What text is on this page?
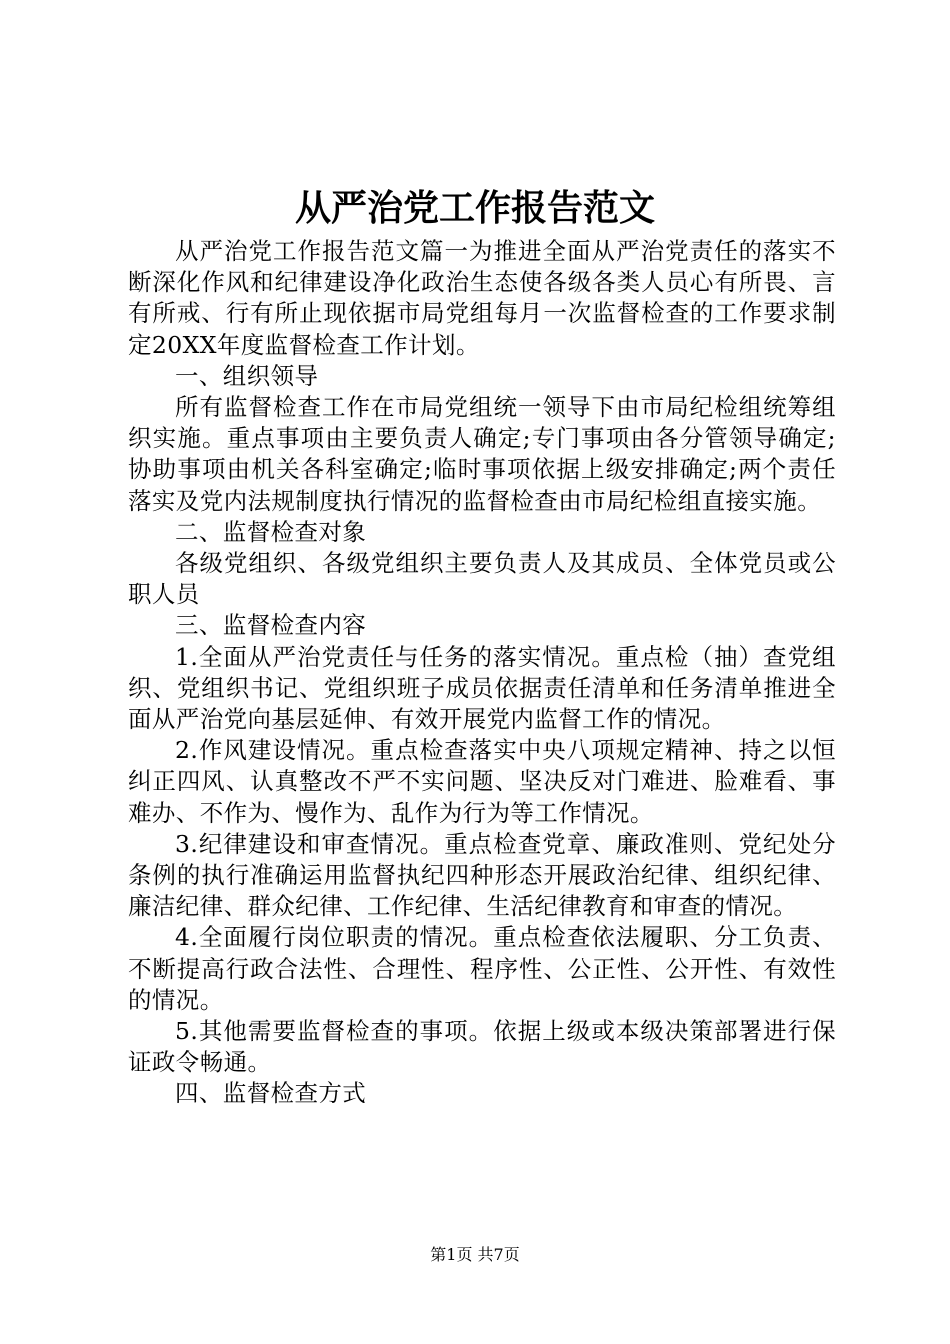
从严治党工作报告范文

从严治党工作报告范文篇一为推进全面从严治党责任的落实不断深化作风和纪律建设净化政治生态使各级各类人员心有所畏、言有所戒、行有所止现依据市局党组每月一次监督检查的工作要求制定20XX年度监督检查工作计划。

一、组织领导

所有监督检查工作在市局党组统一领导下由市局纪检组统筹组织实施。重点事项由主要负责人确定;专门事项由各分管领导确定;协助事项由机关各科室确定;临时事项依据上级安排确定;两个责任落实及党内法规制度执行情况的监督检查由市局纪检组直接实施。

二、监督检查对象

各级党组织、各级党组织主要负责人及其成员、全体党员或公职人员

三、监督检查内容

1.全面从严治党责任与任务的落实情况。重点检（抽）查党组织、党组织书记、党组织班子成员依据责任清单和任务清单推进全面从严治党向基层延伸、有效开展党内监督工作的情况。

2.作风建设情况。重点检查落实中央八项规定精神、持之以恒纠正四风、认真整改不严不实问题、坚决反对门难进、脸难看、事难办、不作为、慢作为、乱作为行为等工作情况。

3.纪律建设和审查情况。重点检查党章、廉政准则、党纪处分条例的执行准确运用监督执纪四种形态开展政治纪律、组织纪律、廉洁纪律、群众纪律、工作纪律、生活纪律教育和审查的情况。

4.全面履行岗位职责的情况。重点检查依法履职、分工负责、不断提高行政合法性、合理性、程序性、公正性、公开性、有效性的情况。

5.其他需要监督检查的事项。依据上级或本级决策部署进行保证政令畅通。

四、监督检查方式

第1页 共7页
